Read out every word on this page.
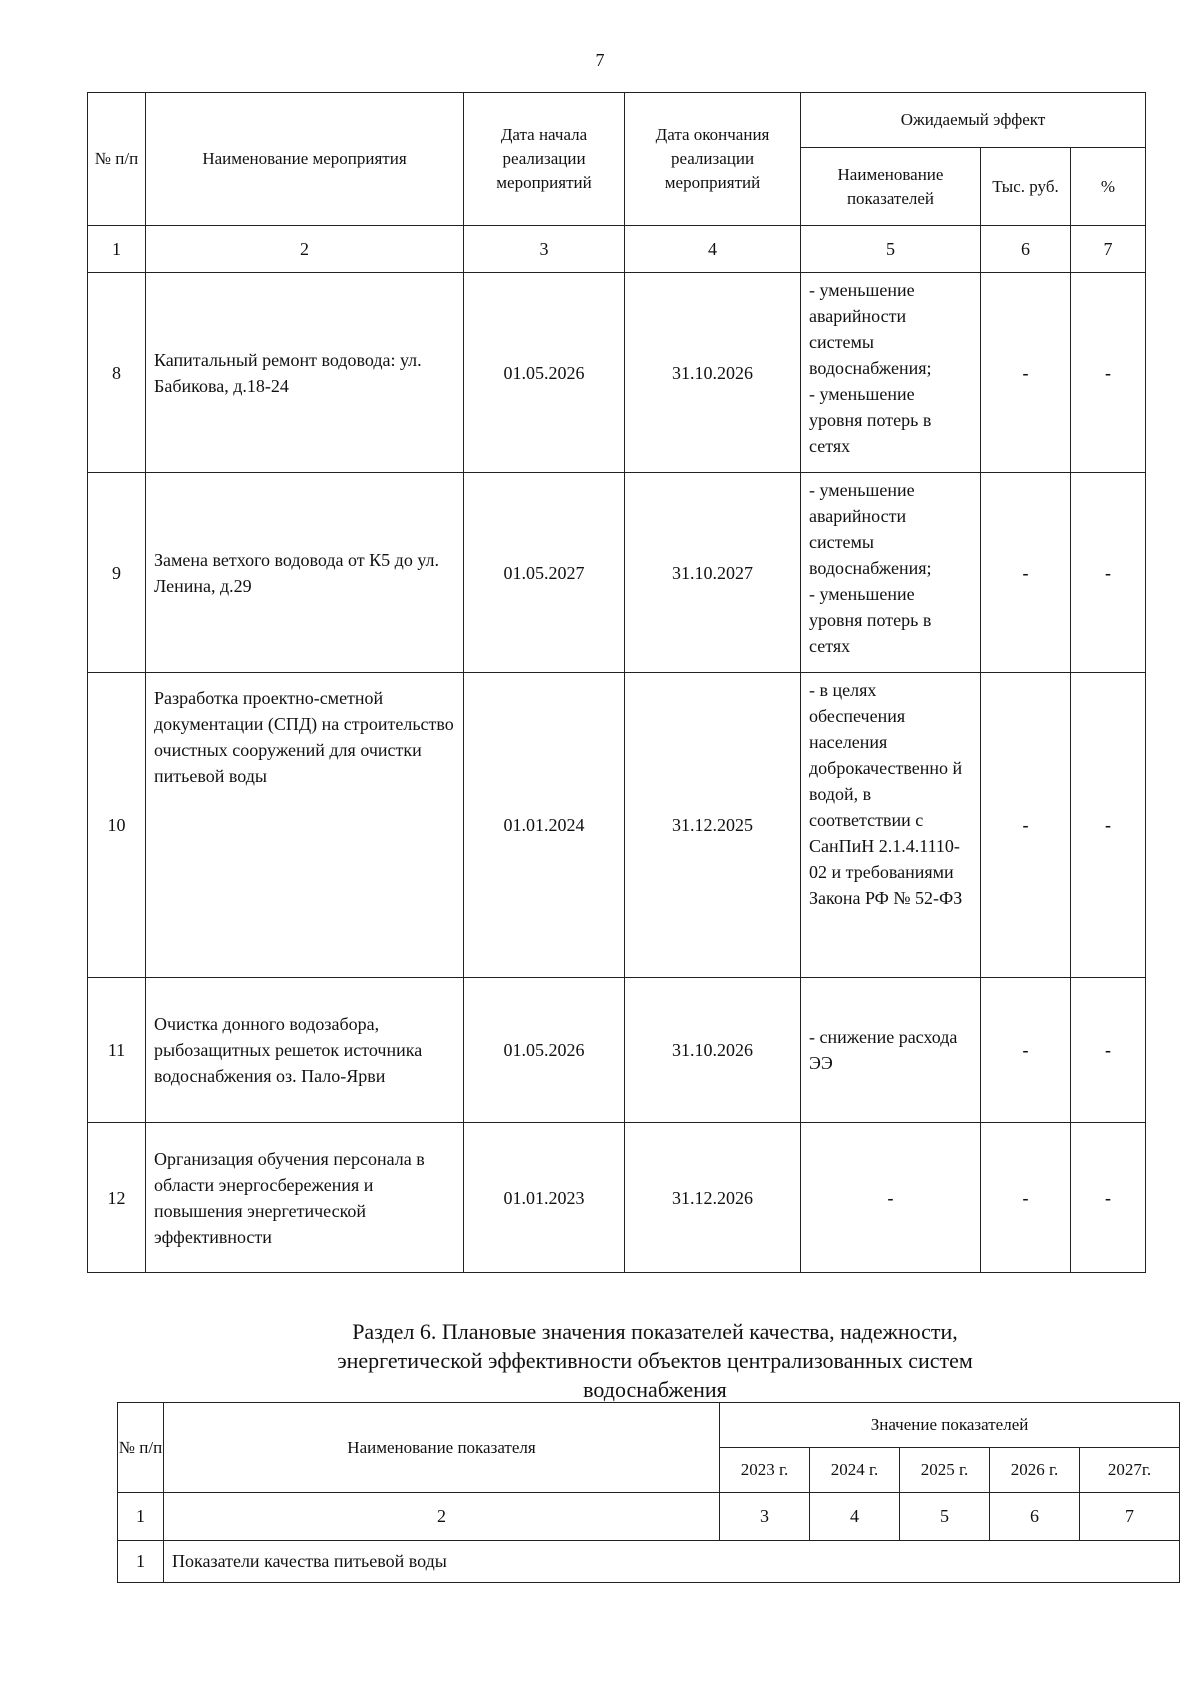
7
№ п/п	Наименование мероприятия	Дата начала реализации мероприятий	Дата окончания реализации мероприятий	Ожидаемый эффект		
				Наименование показателей	Тыс. руб.	%
1	2	3	4	5	6	7
8	Капитальный ремонт водовода: ул. Бабикова, д.18-24	01.05.2026	31.10.2026	- уменьшение аварийности системы водоснабжения;
- уменьшение уровня потерь в сетях	-	-
9	Замена ветхого водовода от К5 до ул. Ленина, д.29	01.05.2027	31.10.2027	- уменьшение аварийности системы водоснабжения;
- уменьшение уровня потерь в сетях	-	-
10	Разработка проектно-сметной документации (СПД) на строительство очистных сооружений для очистки питьевой воды	01.01.2024	31.12.2025	- в целях обеспечения населения доброкачественно й водой, в соответствии с СанПиН 2.1.4.1110-02 и требованиями Закона РФ № 52-ФЗ	-	-
11	Очистка донного водозабора, рыбозащитных решеток источника водоснабжения оз. Пало-Ярви	01.05.2026	31.10.2026	- снижение расхода ЭЭ	-	-
12	Организация обучения персонала в области энергосбережения и повышения энергетической эффективности	01.01.2023	31.12.2026	-	-	-
Раздел 6. Плановые значения показателей качества, надежности, энергетической эффективности объектов централизованных систем водоснабжения
№ п/п	Наименование показателя	Значение показателей				
		2023 г.	2024 г.	2025 г.	2026 г.	2027г.
1	2	3	4	5	6	7
1	Показатели качества питьевой воды					
